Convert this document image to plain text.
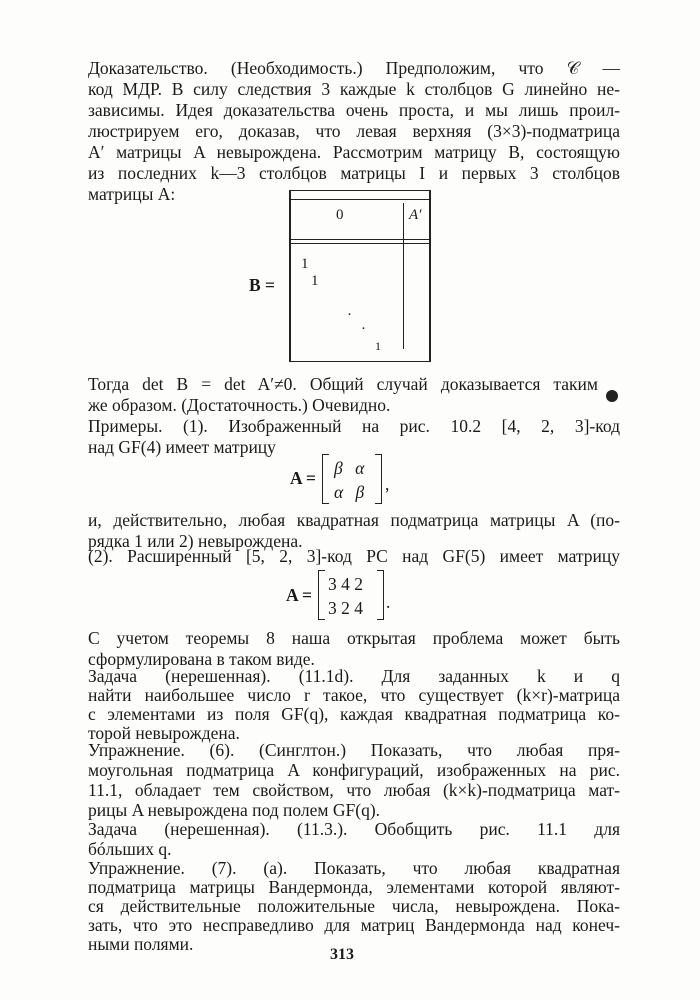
Доказательство. (Необходимость.) Предположим, что 𝒞 —
код МДР. В силу следствия 3 каждые k столбцов G линейно не-
зависимы. Идея доказательства очень проста, и мы лишь проил-
люстрируем его, доказав, что левая верхняя (3×3)-подматрица
A′ матрицы A невырождена. Рассмотрим матрицу B, состоящую
из последних k—3 столбцов матрицы I и первых 3 столбцов
матрицы A:
B =
0	A′
1
1
·
·
1
Тогда det B = det A′≠0. Общий случай доказывается таким
же образом. (Достаточность.) Очевидно.
Примеры. (1). Изображенный на рис. 10.2 [4, 2, 3]-код
над GF(4) имеет матрицу
A = β α
α β	,
и, действительно, любая квадратная подматрица матрицы A (по-
рядка 1 или 2) невырождена.
(2). Расширенный [5, 2, 3]-код РС над GF(5) имеет матрицу
A =
3 4 2
3 2 4 .
С учетом теоремы 8 наша открытая проблема может быть
сформулирована в таком виде.
Задача (нерешенная). (11.1d). Для заданных k и q
найти наибольшее число r такое, что существует (k×r)-матрица
с элементами из поля GF(q), каждая квадратная подматрица ко-
торой невырождена.
Упражнение. (6). (Синглтон.) Показать, что любая пря-
моугольная подматрица A конфигураций, изображенных на рис.
11.1, обладает тем свойством, что любая (k×k)-подматрица мат-
рицы A невырождена под полем GF(q).
Задача (нерешенная). (11.3.). Обобщить рис. 11.1 для
бóльших q.
Упражнение. (7). (а). Показать, что любая квадратная
подматрица матрицы Вандермонда, элементами которой являют-
ся действительные положительные числа, невырождена. Пока-
зать, что это несправедливо для матриц Вандермонда над конеч-
ными полями.
313
